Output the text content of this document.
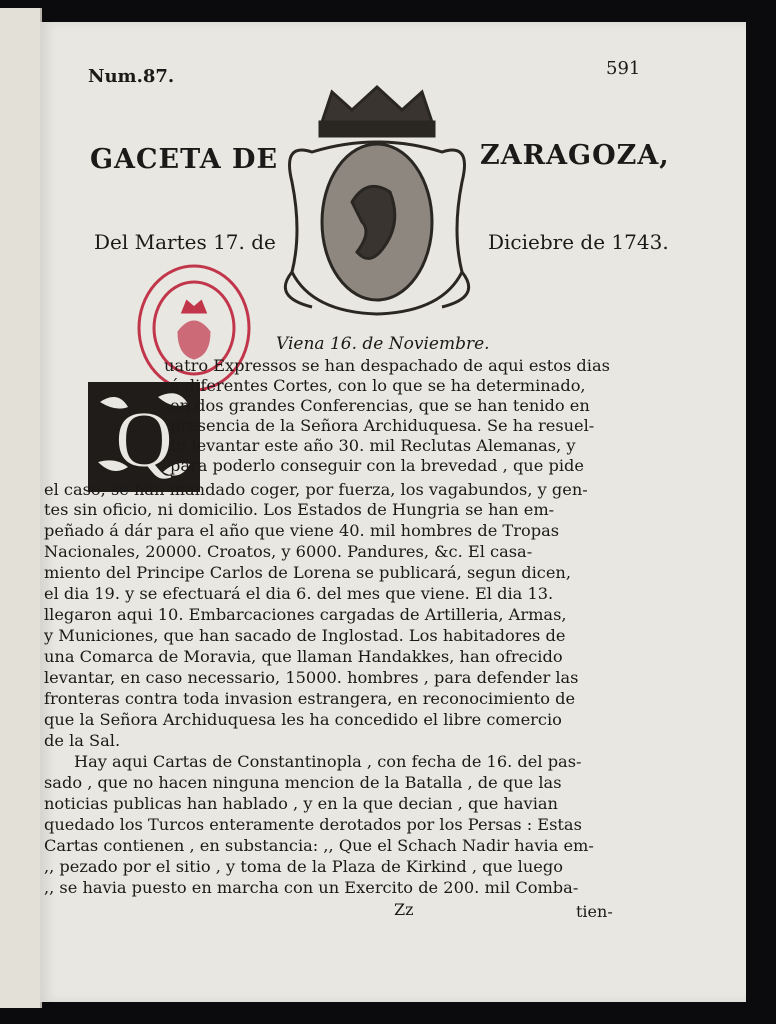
Num.87.	591
GACETA DE	ZARAGOZA,
Del Martes 17. de	Diciebre de 1743.
Viena 16. de Noviembre.
Q
uatro Expressos se han despachado de aqui estos dias
á diferentes Cortes, con lo que se ha determinado,
en dos grandes Conferencias, que se han tenido en
presencia de la Señora Archiduquesa. Se ha resuel-
to levantar este año 30. mil Reclutas Alemanas, y
para poderlo conseguir con la brevedad , que pide
el caso, se han mandado coger, por fuerza, los vagabundos, y gen-
tes sin oficio, ni domicilio. Los Estados de Hungria se han em-
peñado á dár para el año que viene 40. mil hombres de Tropas
Nacionales, 20000. Croatos, y 6000. Pandures, &c. El casa-
miento del Principe Carlos de Lorena se publicará, segun dicen,
el dia 19. y se efectuará el dia 6. del mes que viene. El dia 13.
llegaron aqui 10. Embarcaciones cargadas de Artilleria, Armas,
y Municiones, que han sacado de Inglostad. Los habitadores de
una Comarca de Moravia, que llaman Handakkes, han ofrecido
levantar, en caso necessario, 15000. hombres , para defender las
fronteras contra toda invasion estrangera, en reconocimiento de
que la Señora Archiduquesa les ha concedido el libre comercio
de la Sal.
Hay aqui Cartas de Constantinopla , con fecha de 16. del pas-
sado , que no hacen ninguna mencion de la Batalla , de que las
noticias publicas han hablado , y en la que decian , que havian
quedado los Turcos enteramente derotados por los Persas : Estas
Cartas contienen , en substancia: ,, Que el Schach Nadir havia em-
,, pezado por el sitio , y toma de la Plaza de Kirkind , que luego
,, se havia puesto en marcha con un Exercito de 200. mil Comba-
Zz	tien-
